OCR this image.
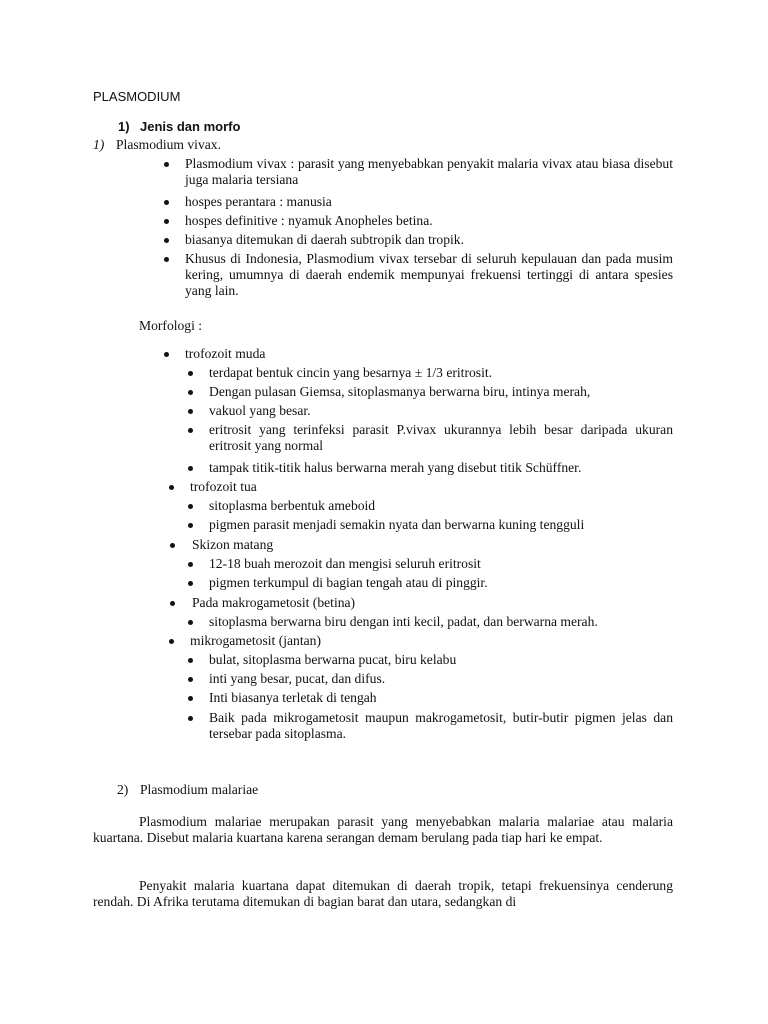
PLASMODIUM
1) Jenis dan morfo
1) Plasmodium vivax.
Plasmodium vivax : parasit yang menyebabkan penyakit malaria vivax atau biasa disebut juga malaria tersiana
hospes perantara : manusia
hospes definitive : nyamuk Anopheles betina.
biasanya ditemukan di daerah subtropik dan tropik.
Khusus di Indonesia, Plasmodium vivax tersebar di seluruh kepulauan dan pada musim kering, umumnya di daerah endemik mempunyai frekuensi tertinggi di antara spesies yang lain.
Morfologi :
trofozoit muda
terdapat bentuk cincin yang besarnya ± 1/3 eritrosit.
Dengan pulasan Giemsa, sitoplasmanya berwarna biru, intinya merah,
vakuol yang besar.
eritrosit yang terinfeksi parasit P.vivax ukurannya lebih besar daripada ukuran eritrosit yang normal
tampak titik-titik halus berwarna merah yang disebut titik Schüffner.
trofozoit tua
sitoplasma berbentuk ameboid
pigmen parasit menjadi semakin nyata dan berwarna kuning tengguli
Skizon matang
12-18 buah merozoit dan mengisi seluruh eritrosit
pigmen terkumpul di bagian tengah atau di pinggir.
Pada makrogametosit (betina)
sitoplasma berwarna biru dengan inti kecil, padat, dan berwarna merah.
mikrogametosit (jantan)
bulat, sitoplasma berwarna pucat, biru kelabu
inti yang besar, pucat, dan difus.
Inti biasanya terletak di tengah
Baik pada mikrogametosit maupun makrogametosit, butir-butir pigmen jelas dan tersebar pada sitoplasma.
2) Plasmodium malariae
Plasmodium malariae merupakan parasit yang menyebabkan malaria malariae atau malaria kuartana. Disebut malaria kuartana karena serangan demam berulang pada tiap hari ke empat.
Penyakit malaria kuartana dapat ditemukan di daerah tropik, tetapi frekuensinya cenderung rendah. Di Afrika terutama ditemukan di bagian barat dan utara, sedangkan di
